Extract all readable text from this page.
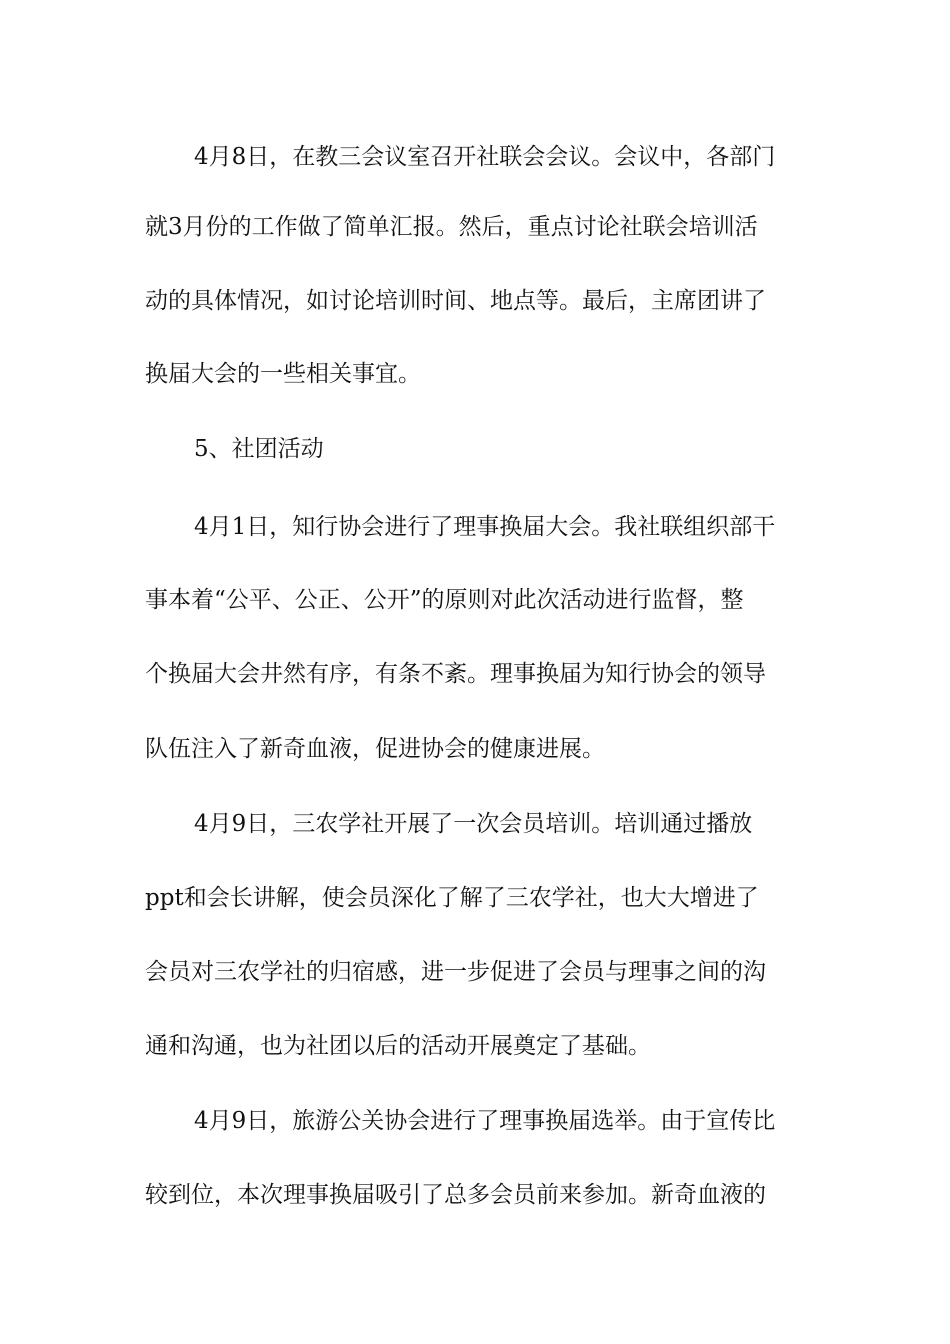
4月8日，在教三会议室召开社联会会议。会议中，各部门
就3月份的工作做了简单汇报。然后，重点讨论社联会培训活
动的具体情况，如讨论培训时间、地点等。最后，主席团讲了
换届大会的一些相关事宜。
5、社团活动
4月1日，知行协会进行了理事换届大会。我社联组织部干
事本着“公平、公正、公开”的原则对此次活动进行监督，整
个换届大会井然有序，有条不紊。理事换届为知行协会的领导
队伍注入了新奇血液，促进协会的健康进展。
4月9日，三农学社开展了一次会员培训。培训通过播放
ppt和会长讲解，使会员深化了解了三农学社，也大大增进了
会员对三农学社的归宿感，进一步促进了会员与理事之间的沟
通和沟通，也为社团以后的活动开展奠定了基础。
4月9日，旅游公关协会进行了理事换届选举。由于宣传比
较到位，本次理事换届吸引了总多会员前来参加。新奇血液的
